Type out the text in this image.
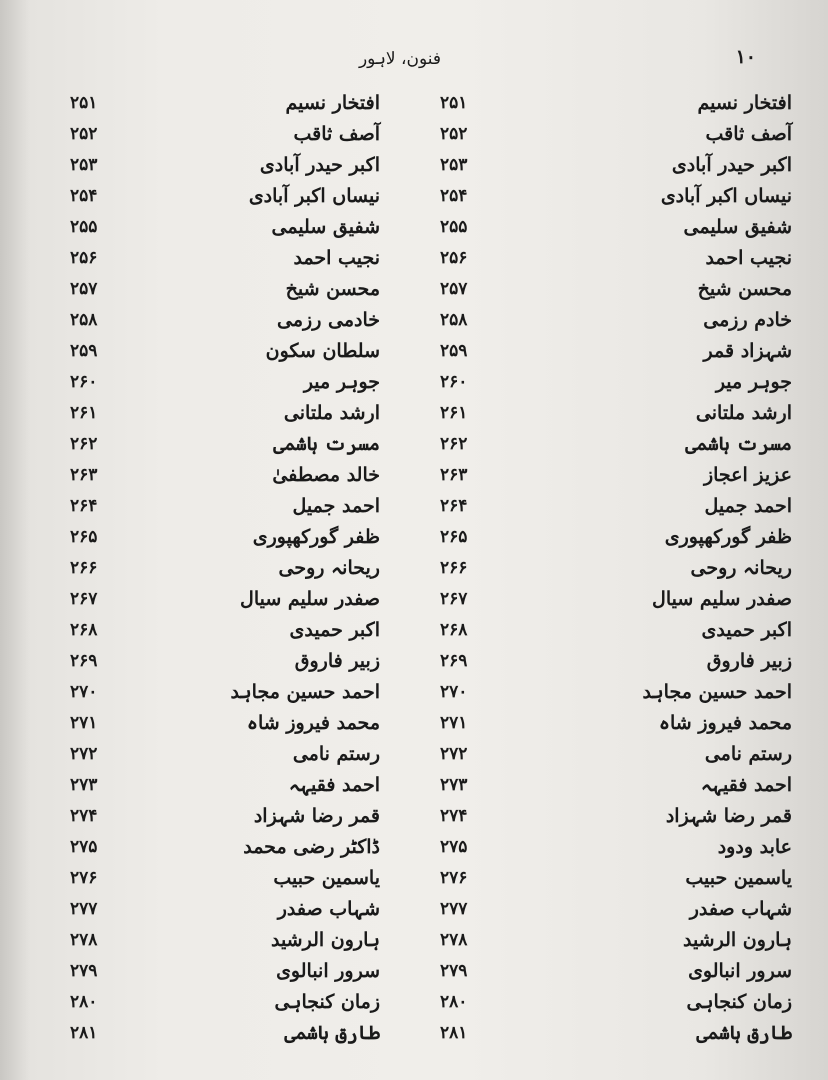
فنون، لاہور	۱۰
افتخار نسیم
۲۵۱
آصف ثاقب
۲۵۲
اکبر حیدر آبادی
۲۵۳
نیساں اکبر آبادی
۲۵۴
شفیق سلیمی
۲۵۵
نجیب احمد
۲۵۶
محسن شیخ
۲۵۷
خادم رزمی
۲۵۸
شہزاد قمر
۲۵۹
جوہر میر
۲۶۰
ارشد ملتانی
۲۶۱
مسرت ہاشمی
۲۶۲
عزیز اعجاز
۲۶۳
احمد جمیل
۲۶۴
ظفر گورکھپوری
۲۶۵
ریحانہ روحی
۲۶۶
صفدر سلیم سیال
۲۶۷
اکبر حمیدی
۲۶۸
زبیر فاروق
۲۶۹
احمد حسین مجاہد
۲۷۰
محمد فیروز شاہ
۲۷۱
رستم نامی
۲۷۲
احمد فقیہہ
۲۷۳
قمر رضا شہزاد
۲۷۴
عابد ودود
۲۷۵
یاسمین حبیب
۲۷۶
شہاب صفدر
۲۷۷
ہارون الرشید
۲۷۸
سرور انبالوی
۲۷۹
زمان کنجاہی
۲۸۰
طارق ہاشمی
۲۸۱
افتخار نسیم
۲۵۱
آصف ثاقب
۲۵۲
اکبر حیدر آبادی
۲۵۳
نیساں اکبر آبادی
۲۵۴
شفیق سلیمی
۲۵۵
نجیب احمد
۲۵۶
محسن شیخ
۲۵۷
خادمی رزمی
۲۵۸
سلطان سکون
۲۵۹
جوہر میر
۲۶۰
ارشد ملتانی
۲۶۱
مسرت ہاشمی
۲۶۲
خالد مصطفیٰ
۲۶۳
احمد جمیل
۲۶۴
ظفر گورکھپوری
۲۶۵
ریحانہ روحی
۲۶۶
صفدر سلیم سیال
۲۶۷
اکبر حمیدی
۲۶۸
زبیر فاروق
۲۶۹
احمد حسین مجاہد
۲۷۰
محمد فیروز شاہ
۲۷۱
رستم نامی
۲۷۲
احمد فقیہہ
۲۷۳
قمر رضا شہزاد
۲۷۴
ڈاکٹر رضی محمد
۲۷۵
یاسمین حبیب
۲۷۶
شہاب صفدر
۲۷۷
ہارون الرشید
۲۷۸
سرور انبالوی
۲۷۹
زمان کنجاہی
۲۸۰
طارق ہاشمی
۲۸۱
